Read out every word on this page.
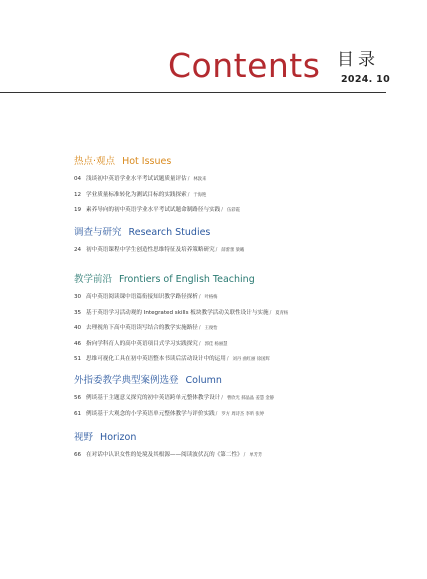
Contents 目录
2024. 10
热点·观点 Hot Issues
04 浅谈初中英语学业水平考试试题质量评估/ 林敦来
12 学业质量标准转化为测试目标的实践探索/ 于海艳
19 素养导向的初中英语学业水平考试试题命制路径与实践/ 伍彩霞
调查与研究 Research Studies
24 初中英语课程中学生创造性思维特征及培养策略研究/ 薛蕾蕾 梁曦
教学前沿 Frontiers of English Teaching
30 高中英语阅读课中语篇衔接知识教学路径探析/ 叶格梅
35 基于英语学习活动观的 Integrated skills 板块教学活动关联性设计与实施/ 夏青杨
40 去理视角下高中英语读写结合的教学实施路径/ 王俊怡
46 指向学科育人的高中英语项目式学习实践探究/ 郭佳 杨丽慧
51 思维可视化工具在初中英语整本书读后活动设计中的运用/ 刘丹 曲红丽 徐国辉
外指委教学典型案例选登 Column
56 例谈基于主题意义探究的初中英语跨单元整体教学设计/ 曹欣光 郝晶晶 姜慧 金静
61 例谈基于大观念的小学英语单元整体教学与评价实践/ 罗方 周诗杰 李昕 张婷
视野 Horizon
66 在对话中认识女性的处境及其根源——阅读波伏瓦的《第二性》/ 单芳芳
